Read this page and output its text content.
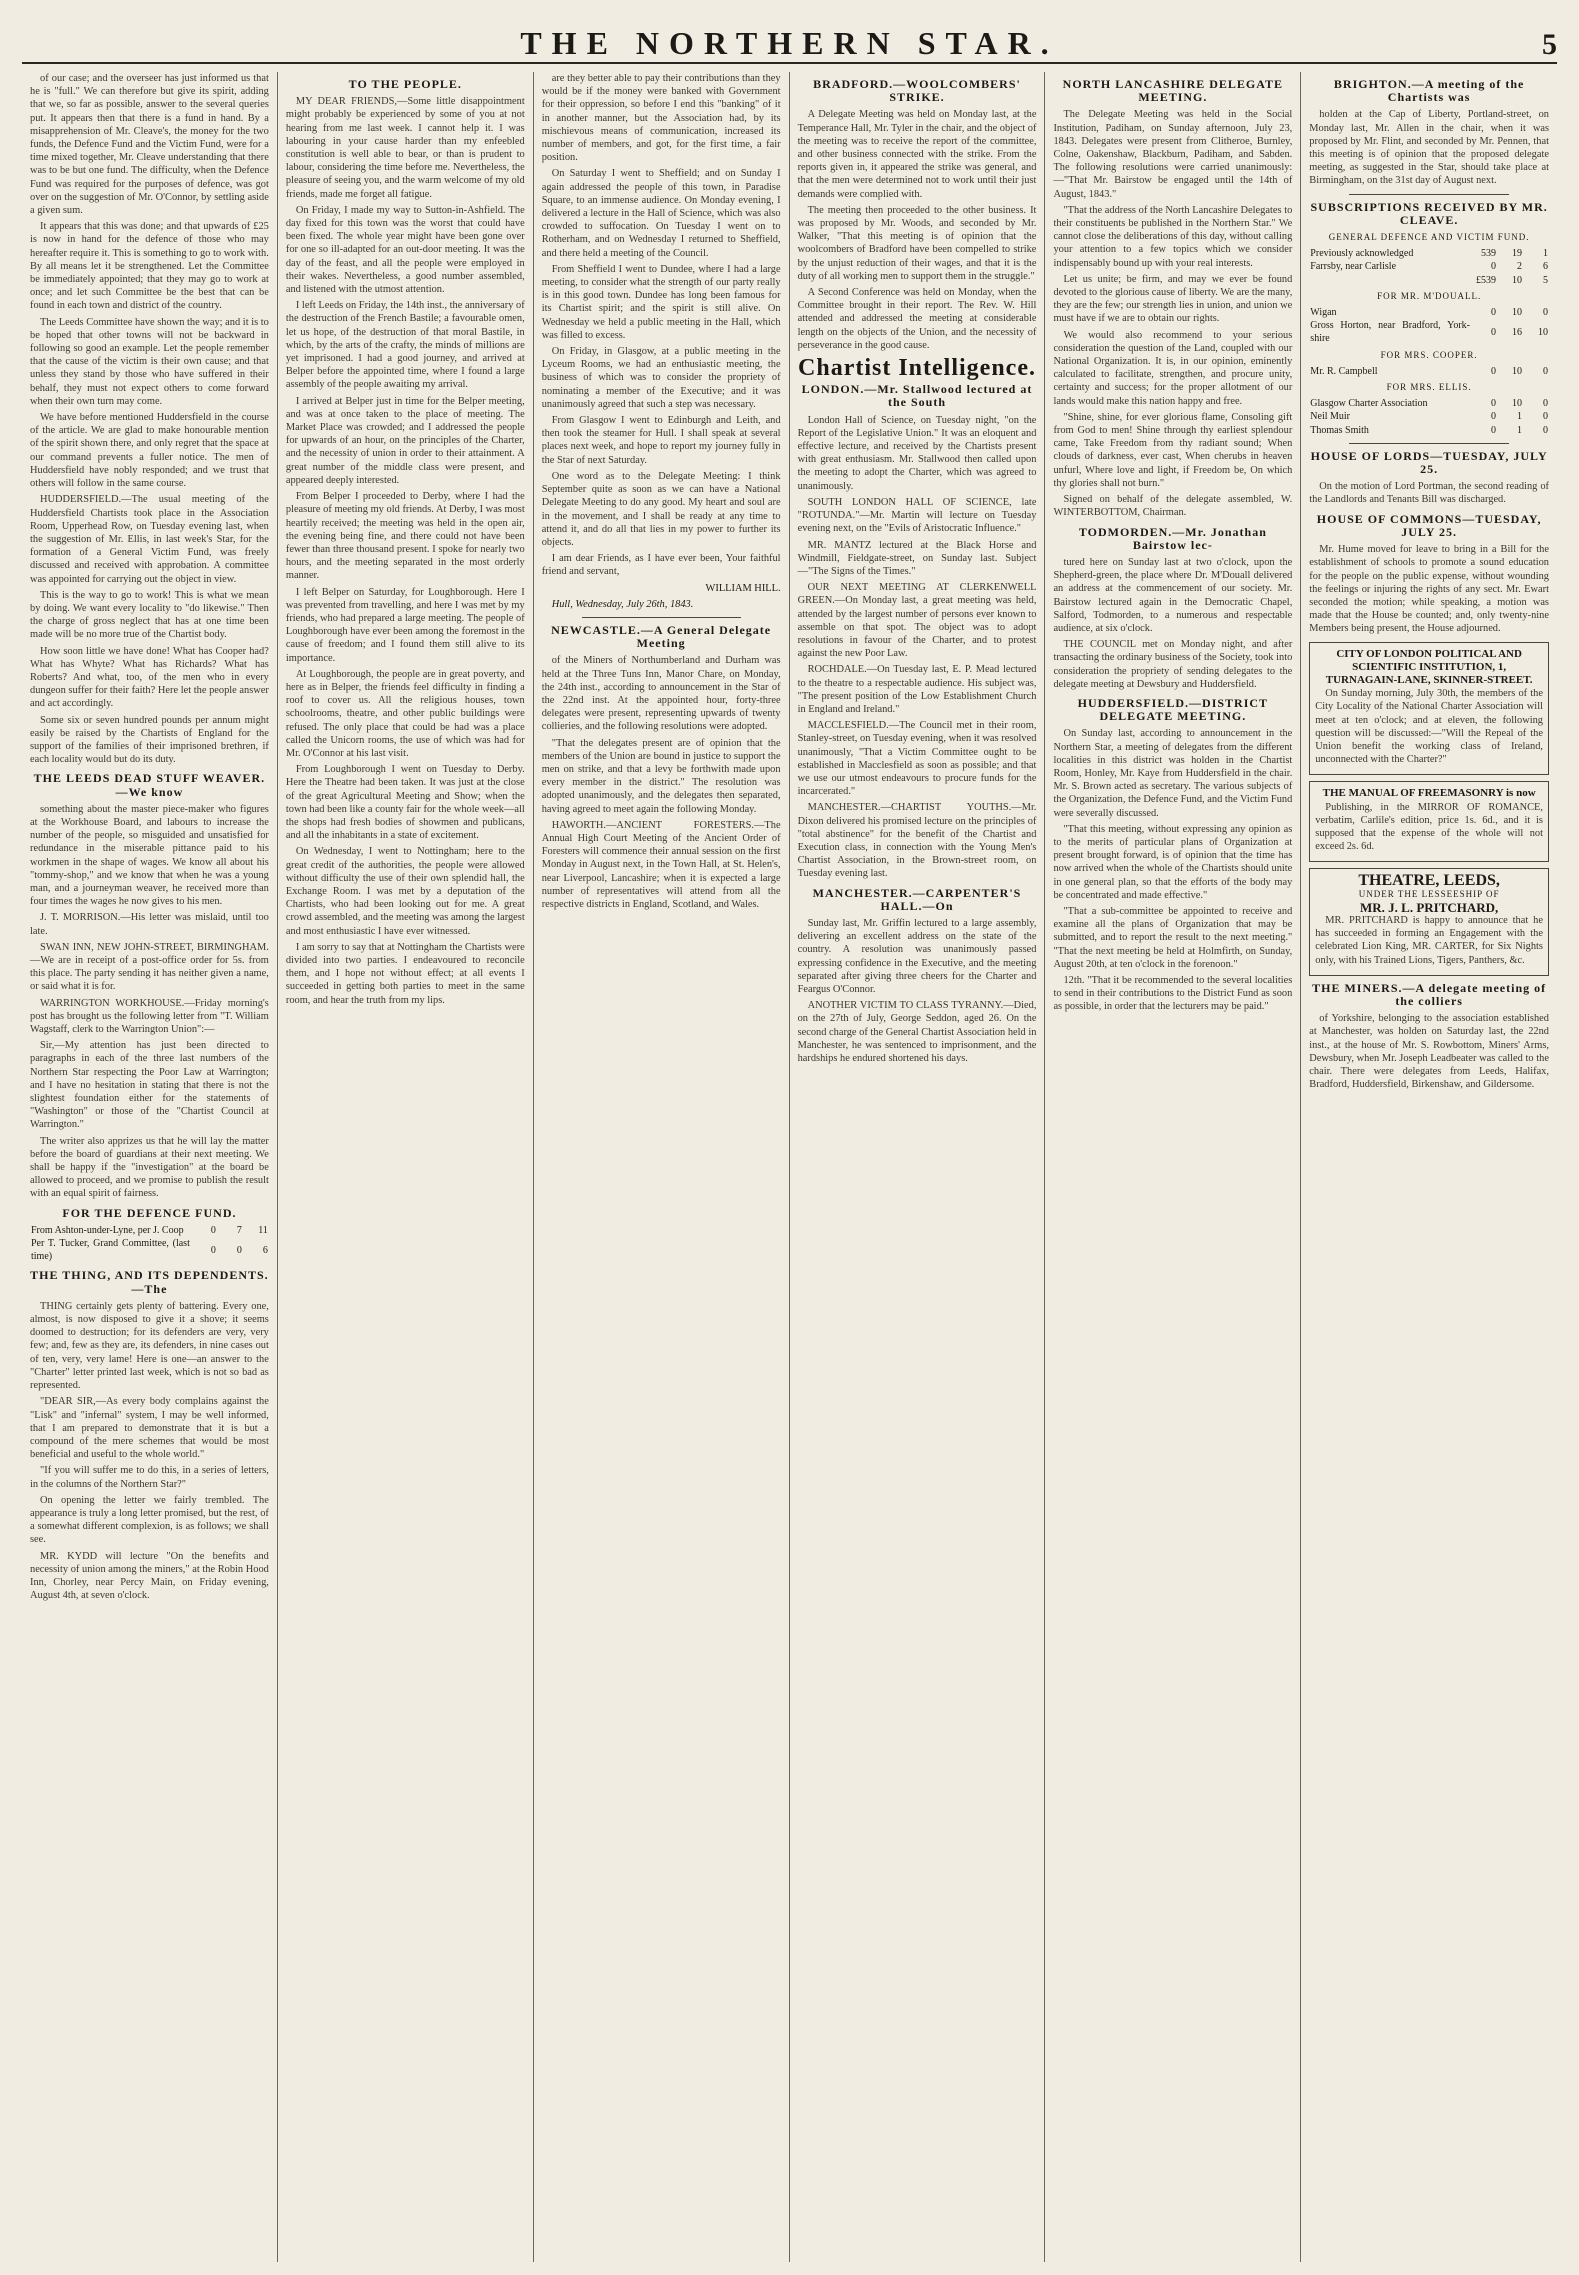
THE NORTHERN STAR.	5

of our case; and the overseer has just informed us that he is "full." We can therefore but give its spirit, adding that we, so far as possible, answer to the several queries put. It appears then that there is a fund in hand. By a misapprehension of Mr. Cleave's, the money for the two funds, the Defence Fund and the Victim Fund, were for a time mixed together, Mr. Cleave understanding that there was to be but one fund. The difficulty, when the Defence Fund was required for the purposes of defence, was got over on the suggestion of Mr. O'Connor, by settling aside a given sum.

It appears that this was done; and that upwards of £25 is now in hand for the defence of those who may hereafter require it. This is something to go to work with. By all means let it be strengthened. Let the Committee be immediately appointed; that they may go to work at once; and let such Committee be the best that can be found in each town and district of the country.

The Leeds Committee have shown the way; and it is to be hoped that other towns will not be backward in following so good an example. Let the people remember that the cause of the victim is their own cause; and that unless they stand by those who have suffered in their behalf, they must not expect others to come forward when their own turn may come.

We have before mentioned Huddersfield in the course of the article. We are glad to make honourable mention of the spirit shown there, and only regret that the space at our command prevents a fuller notice. The men of Huddersfield have nobly responded; and we trust that others will follow in the same course.

HUDDERSFIELD.—The usual meeting of the Huddersfield Chartists took place in the Association Room, Upperhead Row, on Tuesday evening last, when the suggestion of Mr. Ellis, in last week's Star, for the formation of a General Victim Fund, was freely discussed and received with approbation. A committee was appointed for carrying out the object in view.

This is the way to go to work! This is what we mean by doing. We want every locality to "do likewise." Then the charge of gross neglect that has at one time been made will be no more true of the Chartist body.

How soon little we have done! What has Cooper had? What has Whyte? What has Richards? What has Roberts? And what, too, of the men who in every dungeon suffer for their faith? Here let the people answer and act accordingly.

Some six or seven hundred pounds per annum might easily be raised by the Chartists of England for the support of the families of their imprisoned brethren, if each locality would but do its duty.

THE LEEDS DEAD STUFF WEAVER.—We know

something about the master piece-maker who figures at the Workhouse Board, and labours to increase the number of the people, so misguided and unsatisfied for redundance in the miserable pittance paid to his workmen in the shape of wages. We know all about his "tommy-shop," and we know that when he was a young man, and a journeyman weaver, he received more than four times the wages he now gives to his men.

J. T. MORRISON.—His letter was mislaid, until too late.

SWAN INN, NEW JOHN-STREET, BIRMINGHAM.—We are in receipt of a post-office order for 5s. from this place. The party sending it has neither given a name, or said what it is for.

WARRINGTON WORKHOUSE.—Friday morning's post has brought us the following letter from "T. William Wagstaff, clerk to the Warrington Union":—

Sir,—My attention has just been directed to paragraphs in each of the three last numbers of the Northern Star respecting the Poor Law at Warrington; and I have no hesitation in stating that there is not the slightest foundation either for the statements of "Washington" or those of the "Chartist Council at Warrington."

The writer also apprizes us that he will lay the matter before the board of guardians at their next meeting. We shall be happy if the "investigation" at the board be allowed to proceed, and we promise to publish the result with an equal spirit of fairness.

FOR THE DEFENCE FUND.
From Ashton-under-Lyne, per J. Coop	0	7	11
Per T. Tucker, Grand Committee, (last time)	0	0	6
THE THING, AND ITS DEPENDENTS.—The

THING certainly gets plenty of battering. Every one, almost, is now disposed to give it a shove; it seems doomed to destruction; for its defenders are very, very few; and, few as they are, its defenders, in nine cases out of ten, very, very lame! Here is one—an answer to the "Charter" letter printed last week, which is not so bad as represented.

"DEAR SIR,—As every body complains against the "Lisk" and "infernal" system, I may be well informed, that I am prepared to demonstrate that it is but a compound of the mere schemes that would be most beneficial and useful to the whole world."

"If you will suffer me to do this, in a series of letters, in the columns of the Northern Star?"

On opening the letter we fairly trembled. The appearance is truly a long letter promised, but the rest, of a somewhat different complexion, is as follows; we shall see.

MR. KYDD will lecture "On the benefits and necessity of union among the miners," at the Robin Hood Inn, Chorley, near Percy Main, on Friday evening, August 4th, at seven o'clock.

TO THE PEOPLE.

MY DEAR FRIENDS,—Some little disappointment might probably be experienced by some of you at not hearing from me last week. I cannot help it. I was labouring in your cause harder than my enfeebled constitution is well able to bear, or than is prudent to labour, considering the time before me. Nevertheless, the pleasure of seeing you, and the warm welcome of my old friends, made me forget all fatigue.

On Friday, I made my way to Sutton-in-Ashfield. The day fixed for this town was the worst that could have been fixed. The whole year might have been gone over for one so ill-adapted for an out-door meeting. It was the day of the feast, and all the people were employed in their wakes. Nevertheless, a good number assembled, and listened with the utmost attention.

I left Leeds on Friday, the 14th inst., the anniversary of the destruction of the French Bastile; a favourable omen, let us hope, of the destruction of that moral Bastile, in which, by the arts of the crafty, the minds of millions are yet imprisoned. I had a good journey, and arrived at Belper before the appointed time, where I found a large assembly of the people awaiting my arrival.

I arrived at Belper just in time for the Belper meeting, and was at once taken to the place of meeting. The Market Place was crowded; and I addressed the people for upwards of an hour, on the principles of the Charter, and the necessity of union in order to their attainment. A great number of the middle class were present, and appeared deeply interested.

From Belper I proceeded to Derby, where I had the pleasure of meeting my old friends. At Derby, I was most heartily received; the meeting was held in the open air, the evening being fine, and there could not have been fewer than three thousand present. I spoke for nearly two hours, and the meeting separated in the most orderly manner.

I left Belper on Saturday, for Loughborough. Here I was prevented from travelling, and here I was met by my friends, who had prepared a large meeting. The people of Loughborough have ever been among the foremost in the cause of freedom; and I found them still alive to its importance.

At Loughborough, the people are in great poverty, and here as in Belper, the friends feel difficulty in finding a roof to cover us. All the religious houses, town schoolrooms, theatre, and other public buildings were refused. The only place that could be had was a place called the Unicorn rooms, the use of which was had for Mr. O'Connor at his last visit.

From Loughborough I went on Tuesday to Derby. Here the Theatre had been taken. It was just at the close of the great Agricultural Meeting and Show; when the town had been like a county fair for the whole week—all the shops had fresh bodies of showmen and publicans, and all the inhabitants in a state of excitement.

On Wednesday, I went to Nottingham; here to the great credit of the authorities, the people were allowed without difficulty the use of their own splendid hall, the Exchange Room. I was met by a deputation of the Chartists, who had been looking out for me. A great crowd assembled, and the meeting was among the largest and most enthusiastic I have ever witnessed.

I am sorry to say that at Nottingham the Chartists were divided into two parties. I endeavoured to reconcile them, and I hope not without effect; at all events I succeeded in getting both parties to meet in the same room, and hear the truth from my lips.

are they better able to pay their contributions than they would be if the money were banked with Government for their oppression, so before I end this "banking" of it in another manner, but the Association had, by its mischievous means of communication, increased its number of members, and got, for the first time, a fair position.

On Saturday I went to Sheffield; and on Sunday I again addressed the people of this town, in Paradise Square, to an immense audience. On Monday evening, I delivered a lecture in the Hall of Science, which was also crowded to suffocation. On Tuesday I went on to Rotherham, and on Wednesday I returned to Sheffield, and there held a meeting of the Council.

From Sheffield I went to Dundee, where I had a large meeting, to consider what the strength of our party really is in this good town. Dundee has long been famous for its Chartist spirit; and the spirit is still alive. On Wednesday we held a public meeting in the Hall, which was filled to excess.

On Friday, in Glasgow, at a public meeting in the Lyceum Rooms, we had an enthusiastic meeting, the business of which was to consider the propriety of nominating a member of the Executive; and it was unanimously agreed that such a step was necessary.

From Glasgow I went to Edinburgh and Leith, and then took the steamer for Hull. I shall speak at several places next week, and hope to report my journey fully in the Star of next Saturday.

One word as to the Delegate Meeting: I think September quite as soon as we can have a National Delegate Meeting to do any good. My heart and soul are in the movement, and I shall be ready at any time to attend it, and do all that lies in my power to further its objects.

I am dear Friends, as I have ever been, Your faithful friend and servant,

WILLIAM HILL.

Hull, Wednesday, July 26th, 1843.

NEWCASTLE.—A General Delegate Meeting

of the Miners of Northumberland and Durham was held at the Three Tuns Inn, Manor Chare, on Monday, the 24th inst., according to announcement in the Star of the 22nd inst. At the appointed hour, forty-three delegates were present, representing upwards of twenty collieries, and the following resolutions were adopted.

"That the delegates present are of opinion that the members of the Union are bound in justice to support the men on strike, and that a levy be forthwith made upon every member in the district." The resolution was adopted unanimously, and the delegates then separated, having agreed to meet again the following Monday.

HAWORTH.—ANCIENT FORESTERS.—The Annual High Court Meeting of the Ancient Order of Foresters will commence their annual session on the first Monday in August next, in the Town Hall, at St. Helen's, near Liverpool, Lancashire; when it is expected a large number of representatives will attend from all the respective districts in England, Scotland, and Wales.

BRADFORD.—WOOLCOMBERS' STRIKE.

A Delegate Meeting was held on Monday last, at the Temperance Hall, Mr. Tyler in the chair, and the object of the meeting was to receive the report of the committee, and other business connected with the strike. From the reports given in, it appeared the strike was general, and that the men were determined not to work until their just demands were complied with.

The meeting then proceeded to the other business. It was proposed by Mr. Woods, and seconded by Mr. Walker, "That this meeting is of opinion that the woolcombers of Bradford have been compelled to strike by the unjust reduction of their wages, and that it is the duty of all working men to support them in the struggle."

A Second Conference was held on Monday, when the Committee brought in their report. The Rev. W. Hill attended and addressed the meeting at considerable length on the objects of the Union, and the necessity of perseverance in the good cause.

Chartist Intelligence.
LONDON.—Mr. Stallwood lectured at the South

London Hall of Science, on Tuesday night, "on the Report of the Legislative Union." It was an eloquent and effective lecture, and received by the Chartists present with great enthusiasm. Mr. Stallwood then called upon the meeting to adopt the Charter, which was agreed to unanimously.

SOUTH LONDON HALL OF SCIENCE, late "ROTUNDA."—Mr. Martin will lecture on Tuesday evening next, on the "Evils of Aristocratic Influence."

MR. MANTZ lectured at the Black Horse and Windmill, Fieldgate-street, on Sunday last. Subject—"The Signs of the Times."

OUR NEXT MEETING AT CLERKENWELL GREEN.—On Monday last, a great meeting was held, attended by the largest number of persons ever known to assemble on that spot. The object was to adopt resolutions in favour of the Charter, and to protest against the new Poor Law.

ROCHDALE.—On Tuesday last, E. P. Mead lectured to the theatre to a respectable audience. His subject was, "The present position of the Low Establishment Church in England and Ireland."

MACCLESFIELD.—The Council met in their room, Stanley-street, on Tuesday evening, when it was resolved unanimously, "That a Victim Committee ought to be established in Macclesfield as soon as possible; and that we use our utmost endeavours to procure funds for the incarcerated."

MANCHESTER.—CHARTIST YOUTHS.—Mr. Dixon delivered his promised lecture on the principles of "total abstinence" for the benefit of the Chartist and Execution class, in connection with the Young Men's Chartist Association, in the Brown-street room, on Tuesday evening last.

MANCHESTER.—CARPENTER'S HALL.—On

Sunday last, Mr. Griffin lectured to a large assembly, delivering an excellent address on the state of the country. A resolution was unanimously passed expressing confidence in the Executive, and the meeting separated after giving three cheers for the Charter and Feargus O'Connor.

ANOTHER VICTIM TO CLASS TYRANNY.—Died, on the 27th of July, George Seddon, aged 26. On the second charge of the General Chartist Association held in Manchester, he was sentenced to imprisonment, and the hardships he endured shortened his days.

NORTH LANCASHIRE DELEGATE MEETING.

The Delegate Meeting was held in the Social Institution, Padiham, on Sunday afternoon, July 23, 1843. Delegates were present from Clitheroe, Burnley, Colne, Oakenshaw, Blackburn, Padiham, and Sabden. The following resolutions were carried unanimously:—"That Mr. Bairstow be engaged until the 14th of August, 1843."

"That the address of the North Lancashire Delegates to their constituents be published in the Northern Star." We cannot close the deliberations of this day, without calling your attention to a few topics which we consider indispensably bound up with your real interests.

Let us unite; be firm, and may we ever be found devoted to the glorious cause of liberty. We are the many, they are the few; our strength lies in union, and union we must have if we are to obtain our rights.

We would also recommend to your serious consideration the question of the Land, coupled with our National Organization. It is, in our opinion, eminently calculated to facilitate, strengthen, and procure unity, certainty and success; for the proper allotment of our lands would make this nation happy and free.

"Shine, shine, for ever glorious flame, Consoling gift from God to men! Shine through thy earliest splendour came, Take Freedom from thy radiant sound; When clouds of darkness, ever cast, When cherubs in heaven unfurl, Where love and light, if Freedom be, On which thy glories shall not burn."

Signed on behalf of the delegate assembled, W. WINTERBOTTOM, Chairman.

TODMORDEN.—Mr. Jonathan Bairstow lec-

tured here on Sunday last at two o'clock, upon the Shepherd-green, the place where Dr. M'Douall delivered an address at the commencement of our society. Mr. Bairstow lectured again in the Democratic Chapel, Salford, Todmorden, to a numerous and respectable audience, at six o'clock.

THE COUNCIL met on Monday night, and after transacting the ordinary business of the Society, took into consideration the propriety of sending delegates to the delegate meeting at Dewsbury and Huddersfield.

HUDDERSFIELD.—DISTRICT DELEGATE MEETING.

On Sunday last, according to announcement in the Northern Star, a meeting of delegates from the different localities in this district was holden in the Chartist Room, Honley, Mr. Kaye from Huddersfield in the chair. Mr. S. Brown acted as secretary. The various subjects of the Organization, the Defence Fund, and the Victim Fund were severally discussed.

"That this meeting, without expressing any opinion as to the merits of particular plans of Organization at present brought forward, is of opinion that the time has now arrived when the whole of the Chartists should unite in one general plan, so that the efforts of the body may be concentrated and made effective."

"That a sub-committee be appointed to receive and examine all the plans of Organization that may be submitted, and to report the result to the next meeting." "That the next meeting be held at Holmfirth, on Sunday, August 20th, at ten o'clock in the forenoon."

12th. "That it be recommended to the several localities to send in their contributions to the District Fund as soon as possible, in order that the lecturers may be paid."

BRIGHTON.—A meeting of the Chartists was

holden at the Cap of Liberty, Portland-street, on Monday last, Mr. Allen in the chair, when it was proposed by Mr. Flint, and seconded by Mr. Pennen, that this meeting is of opinion that the proposed delegate meeting, as suggested in the Star, should take place at Birmingham, on the 31st day of August next.

SUBSCRIPTIONS RECEIVED BY MR. CLEAVE.
GENERAL DEFENCE AND VICTIM FUND.
Previously acknowledged	539	19	1
Farrsby, near Carlisle	0	2	6
	£539	10	5
FOR MR. M'DOUALL.
Wigan	0	10	0
Gross Horton, near Bradford, York-shire	0	16	10
FOR MRS. COOPER.
Mr. R. Campbell	0	10	0
FOR MRS. ELLIS.
Glasgow Charter Association	0	10	0
Neil Muir	0	1	0
Thomas Smith	0	1	0
HOUSE OF LORDS—TUESDAY, JULY 25.

On the motion of Lord Portman, the second reading of the Landlords and Tenants Bill was discharged.

HOUSE OF COMMONS—TUESDAY, JULY 25.

Mr. Hume moved for leave to bring in a Bill for the establishment of schools to promote a sound education for the people on the public expense, without wounding the feelings or injuring the rights of any sect. Mr. Ewart seconded the motion; while speaking, a motion was made that the House be counted; and, only twenty-nine Members being present, the House adjourned.

CITY OF LONDON POLITICAL AND SCIENTIFIC INSTITUTION, 1, TURNAGAIN-LANE, SKINNER-STREET.

On Sunday morning, July 30th, the members of the City Locality of the National Charter Association will meet at ten o'clock; and at eleven, the following question will be discussed:—"Will the Repeal of the Union benefit the working class of Ireland, unconnected with the Charter?"

THE MANUAL OF FREEMASONRY is now

Publishing, in the MIRROR OF ROMANCE, verbatim, Carlile's edition, price 1s. 6d., and it is supposed that the expense of the whole will not exceed 2s. 6d.

THEATRE, LEEDS,
UNDER THE LESSEESHIP OF
MR. J. L. PRITCHARD,

MR. PRITCHARD is happy to announce that he has succeeded in forming an Engagement with the celebrated Lion King, MR. CARTER, for Six Nights only, with his Trained Lions, Tigers, Panthers, &c.

THE MINERS.—A delegate meeting of the colliers

of Yorkshire, belonging to the association established at Manchester, was holden on Saturday last, the 22nd inst., at the house of Mr. S. Rowbottom, Miners' Arms, Dewsbury, when Mr. Joseph Leadbeater was called to the chair. There were delegates from Leeds, Halifax, Bradford, Huddersfield, Birkenshaw, and Gildersome.
